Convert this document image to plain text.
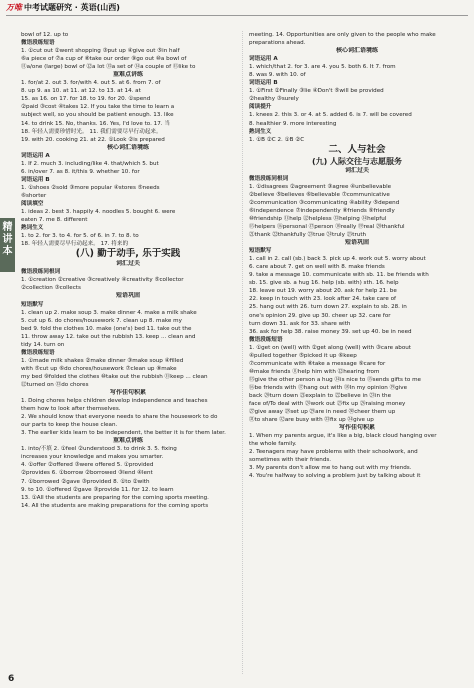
万唯 中考试题研究 · 英语(山西)
精讲本
bowl of 12. up to
微语段练短语
1. ①cut out ②went shopping ③put up ④give out ⑤in half
⑥a piece of ⑦a cup of ⑧take our order ⑨go out ⑩a bowl of
⑪a/one (large) bowl of ⑫a lot ⑬a set of ⑭a couple of ⑮like to
重难点讲练
1. for/at 2. out 3. for/with 4. out 5. at 6. from 7. of
8. up 9. as 10. at 11. at 12. to 13. at 14. at
15. as 16. on 17. for 18. to 19. for 20. ①spend
②paid ③cost ④takes 12. If you take the time to learn a
subject well, so you should be patient enough. 13. like
14. to drink 15. No, thanks. 16. Yes, I'd love to. 17. 当
18. 年轻人需要珍惜时光。 11. 我们需要尽早行动起来。
19. with 20. cooking 21. at 22. ①Look ②is prepared
核心词汇语境练
词语运用 A
1. If 2. much 3. including/like 4. that/which 5. but
6. in/over 7. as 8. it/this 9. whether 10. for
词语运用 B
1. ①shoes ②sold ③more popular ④stores ⑤needs
⑥shorter
阅读填空
1. ideas 2. best 3. happily 4. noodles 5. bought 6. were
eaten 7. me 8. different
熟词生义
1. to 2. for 3. to 4. for 5. of 6. in 7. to 8. to
18. 年轻人需要尽早行动起来。 17. 将来的
(八) 勤于动手, 乐于实践
词汇过关
微语段练同根词
1. ①creation ②creative ③creatively ④creativity ⑤collector
②collection ③collects
短语巩固
短语默写
1. clean up 2. make soup 3. make dinner 4. make a milk shake
5. cut up 6. do chores/housework 7. clean up 8. make my
bed 9. fold the clothes 10. make (one's) bed 11. take out the
11. throw away 12. take out the rubbish 13. keep ... clean and
tidy 14. turn on
微语段练短语
1. ①made milk shakes ②make dinner ③make soup ④filled
with ⑤cut up ⑥do chores/housework ⑦clean up ⑧make
my bed ⑨folded the clothes ⑩take out the rubbish ⑪keep ... clean
⑫turned on ⑬do chores
写作佳句积累
1. Doing chores helps children develop independence and teaches
them how to look after themselves.
2. We should know that everyone needs to share the housework to do
our parts to keep the house clean.
3. The earlier kids learn to be independent, the better it is for them later.
重难点讲练
1. into/不填 2. ①feel ②understood 3. to drink 3. 5. fixing
increases your knowledge and makes you smarter.
4. ①offer ②offered ③were offered 5. ①provided
②provides 6. ①borrow ②borrowed ③lend ④lent
7. ①borrowed ②gave ③provided 8. ①to ②with
9. to 10. ①offered ②gave ③provide 11. for 12. to learn
13. ①All the students are preparing for the coming sports meeting.
14. All the students are making preparations for the coming sports
meeting. 14. Opportunities are only given to the people who make
preparations ahead.
核心词汇语境练
词语运用 A
1. which/that 2. for 3. are 4. you 5. both 6. It 7. from
8. was 9. with 10. of
词语运用 B
1. ①First ②Finally ③lie ④Don't ⑤will be provided
②healthy ③surely
阅读提升
1. knees 2. this 3. or 4. at 5. added 6. is 7. will be covered
8. healthier 9. more interesting
熟词生义
1. ①B ②C 2. ①B ②C
二、人与社会
(九) 人际交往与志愿服务
词汇过关
微语段练同根词
1. ①disagrees ②agreement ③agree ④unbelievable
②believe ⑤believes ⑥believable ⑦communicative
②communication ③communicating ④ability ⑤depend
⑥independence ⑦independently ⑧friends ⑨friendly
⑩friendship ⑪help ⑫helpless ⑬helping ⑭helpful
⑮helpers ⑯personal ⑰person ⑱really ⑲real ⑳thankful
㉑thank ㉒thankfully ㉓true ㉔truly ㉕truth
短语巩固
短语默写
1. call in 2. call (sb.) back 3. pick up 4. work out 5. worry about
6. care about 7. get on well with 8. make friends
9. take a message 10. communicate with sb. 11. be friends with
sb. 15. give sb. a hug 16. help (sb. with) sth. 16. help
18. leave out 19. worry about 20. ask for help 21. be
22. keep in touch with 23. look after 24. take care of
25. hang out with 26. turn down 27. explain to sb. 28. in
one's opinion 29. give up 30. cheer up 32. care for
turn down 31. ask for 33. share with
36. ask for help 38. raise money 39. set up 40. be in need
微语段练短语
1. ①get on (well) with ②get along (well) with ③care about
④pulled together ⑤picked it up ⑥keep
⑦communicate with ⑧take a message ⑨care for
⑩make friends ⑪help him with ⑫hearing from
⑬give the other person a hug ⑭is nice to ⑮sends gifts to me
⑯be friends with ⑰hang out with ⑱In my opinion ⑲give
back ⑳turn down ㉑explain to ㉒believe in ㉓in the
face of/To deal with ㉔work out ㉕fix up ㉖raising money
㉗give away ㉘set up ㉙are in need ㉚cheer them up
㉛to share ㉜are busy with ㉝fix up ㉞give up
写作佳句积累
1. When my parents argue, it's like a big, black cloud hanging over
the whole family.
2. Teenagers may have problems with their schoolwork, and
sometimes with their friends.
3. My parents don't allow me to hang out with my friends.
4. You're halfway to solving a problem just by talking about it
6
